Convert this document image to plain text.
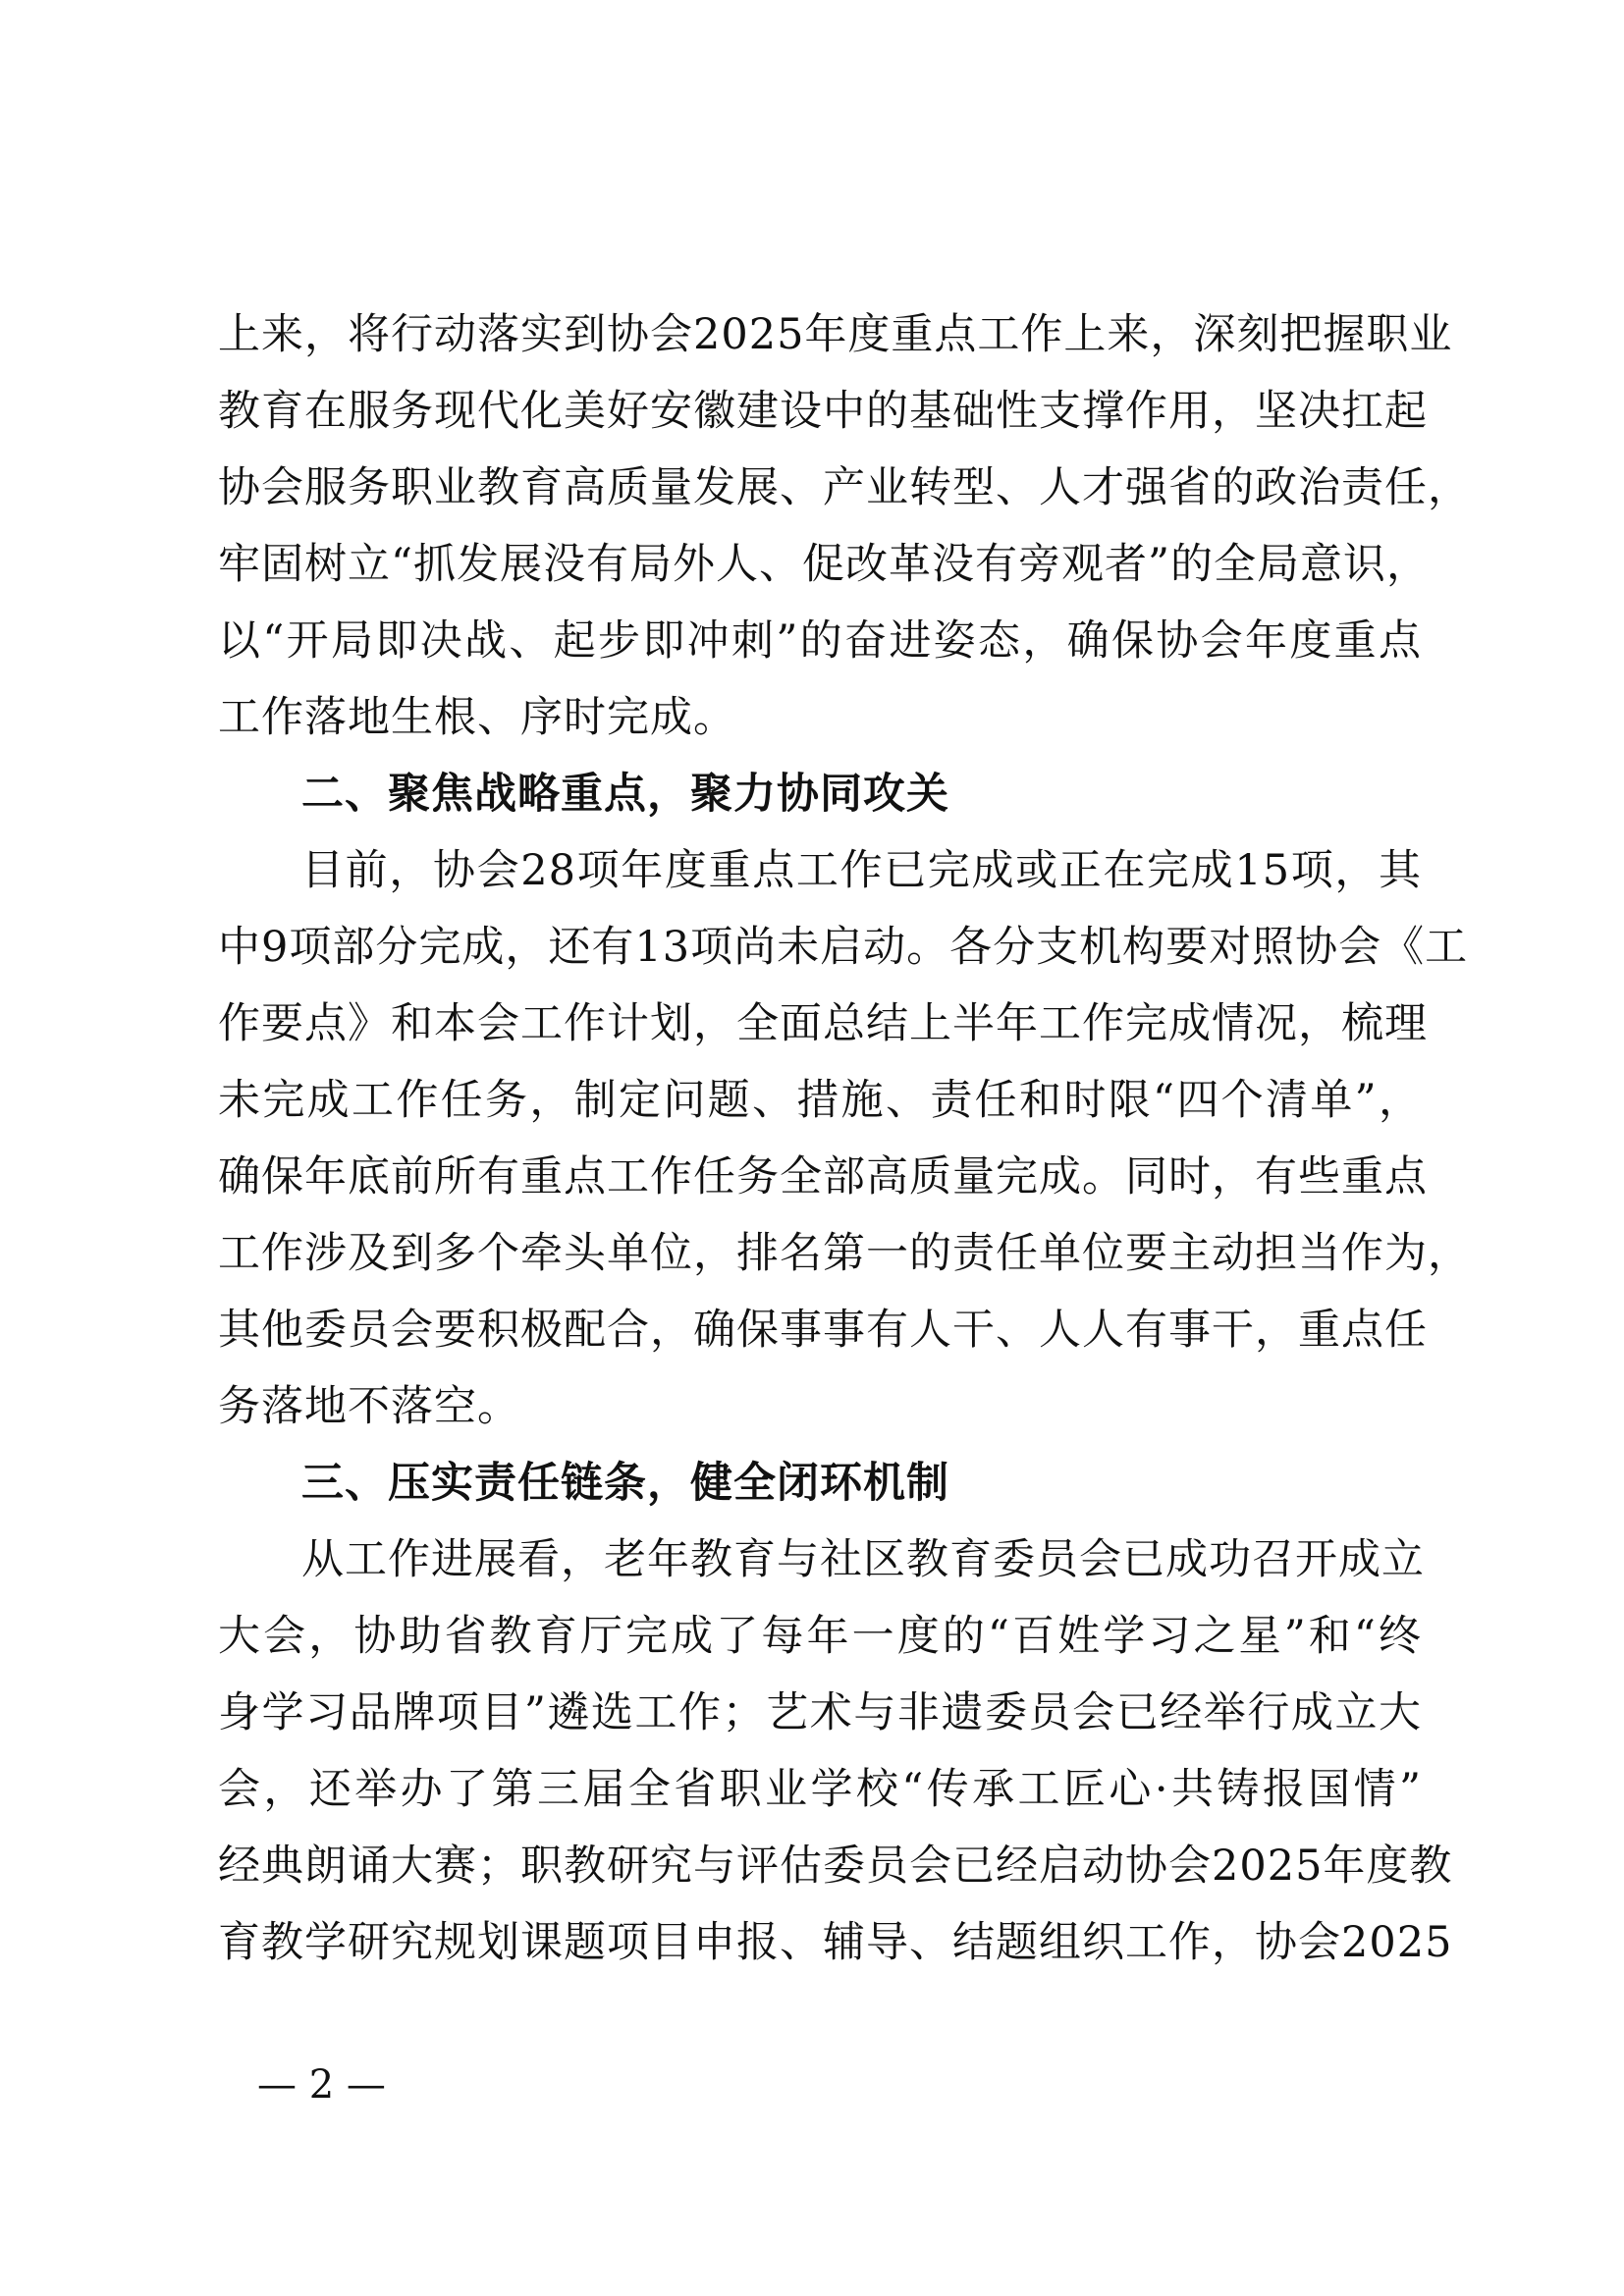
上来，将行动落实到协会2025年度重点工作上来，深刻把握职业
教育在服务现代化美好安徽建设中的基础性支撑作用，坚决扛起
协会服务职业教育高质量发展、产业转型、人才强省的政治责任，
牢固树立“抓发展没有局外人、促改革没有旁观者”的全局意识，
以“开局即决战、起步即冲刺”的奋进姿态，确保协会年度重点
工作落地生根、序时完成。
二、聚焦战略重点，聚力协同攻关
目前，协会28项年度重点工作已完成或正在完成15项，其
中9项部分完成，还有13项尚未启动。各分支机构要对照协会《工
作要点》和本会工作计划，全面总结上半年工作完成情况，梳理
未完成工作任务，制定问题、措施、责任和时限“四个清单”，
确保年底前所有重点工作任务全部高质量完成。同时，有些重点
工作涉及到多个牵头单位，排名第一的责任单位要主动担当作为，
其他委员会要积极配合，确保事事有人干、人人有事干，重点任
务落地不落空。
三、压实责任链条，健全闭环机制
从工作进展看，老年教育与社区教育委员会已成功召开成立
大会，协助省教育厅完成了每年一度的“百姓学习之星”和“终
身学习品牌项目”遴选工作；艺术与非遗委员会已经举行成立大
会，还举办了第三届全省职业学校“传承工匠心·共铸报国情”
经典朗诵大赛；职教研究与评估委员会已经启动协会2025年度教
育教学研究规划课题项目申报、辅导、结题组织工作，协会2025
— 2 —
